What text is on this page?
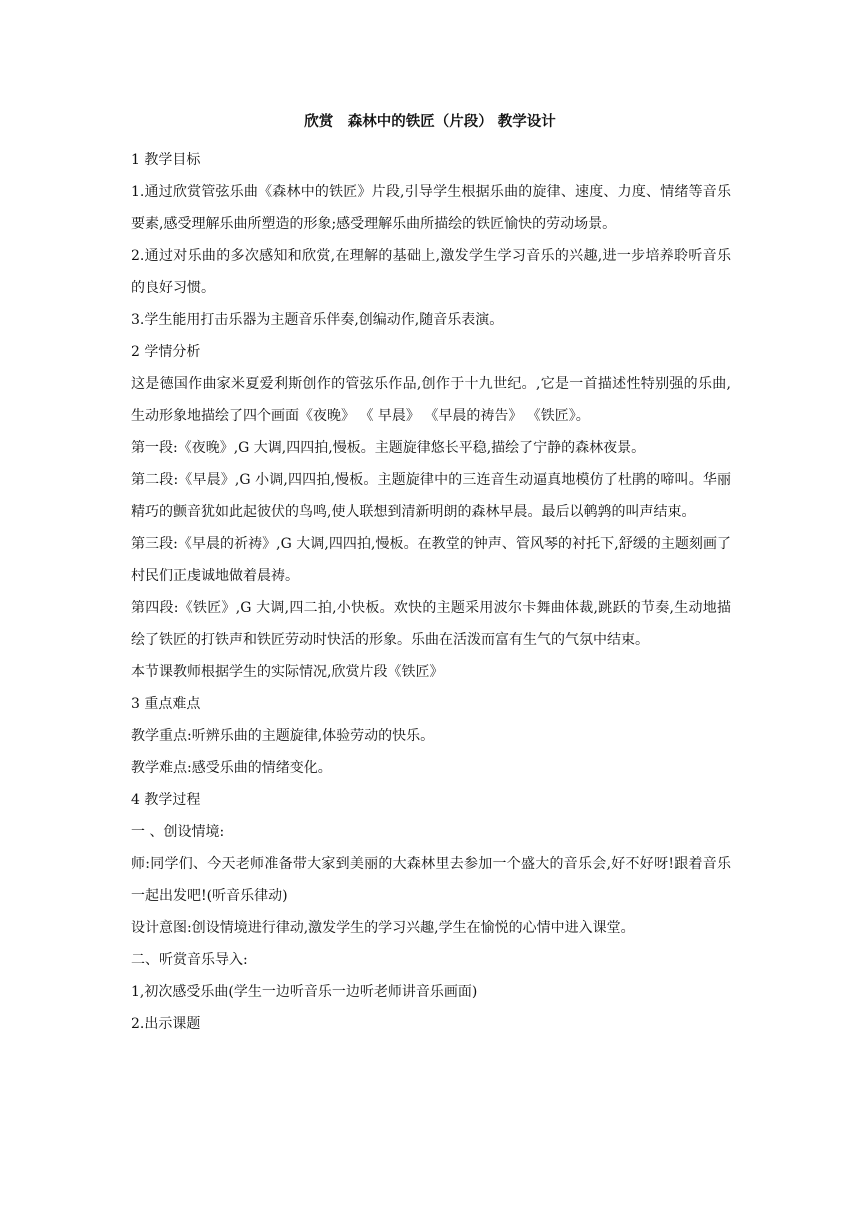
欣赏　森林中的铁匠（片段） 教学设计

1 教学目标

1.通过欣赏管弦乐曲《森林中的铁匠》片段,引导学生根据乐曲的旋律、速度、力度、情绪等音乐要素,感受理解乐曲所塑造的形象;感受理解乐曲所描绘的铁匠愉快的劳动场景。

2.通过对乐曲的多次感知和欣赏,在理解的基础上,激发学生学习音乐的兴趣,进一步培养聆听音乐的良好习惯。

3.学生能用打击乐器为主题音乐伴奏,创编动作,随音乐表演。

2 学情分析

这是德国作曲家米夏爱利斯创作的管弦乐作品,创作于十九世纪。,它是一首描述性特别强的乐曲,生动形象地描绘了四个画面《夜晚》 《 早晨》 《早晨的祷告》 《铁匠》。

第一段:《夜晚》,G 大调,四四拍,慢板。主题旋律悠长平稳,描绘了宁静的森林夜景。

第二段:《早晨》,G 小调,四四拍,慢板。主题旋律中的三连音生动逼真地模仿了杜鹃的啼叫。华丽精巧的颤音犹如此起彼伏的鸟鸣,使人联想到清新明朗的森林早晨。最后以鹌鹑的叫声结束。

第三段:《早晨的祈祷》,G 大调,四四拍,慢板。在教堂的钟声、管风琴的衬托下,舒缓的主题刻画了村民们正虔诚地做着晨祷。

第四段:《铁匠》,G 大调,四二拍,小快板。欢快的主题采用波尔卡舞曲体裁,跳跃的节奏,生动地描绘了铁匠的打铁声和铁匠劳动时快活的形象。乐曲在活泼而富有生气的气氛中结束。

本节课教师根据学生的实际情况,欣赏片段《铁匠》

3 重点难点

教学重点:听辨乐曲的主题旋律,体验劳动的快乐。

教学难点:感受乐曲的情绪变化。

4 教学过程

一 、创设情境:

师:同学们、今天老师准备带大家到美丽的大森林里去参加一个盛大的音乐会,好不好呀!跟着音乐一起出发吧!(听音乐律动)

设计意图:创设情境进行律动,激发学生的学习兴趣,学生在愉悦的心情中进入课堂。

二、听赏音乐导入:

1,初次感受乐曲(学生一边听音乐一边听老师讲音乐画面)

2.出示课题
